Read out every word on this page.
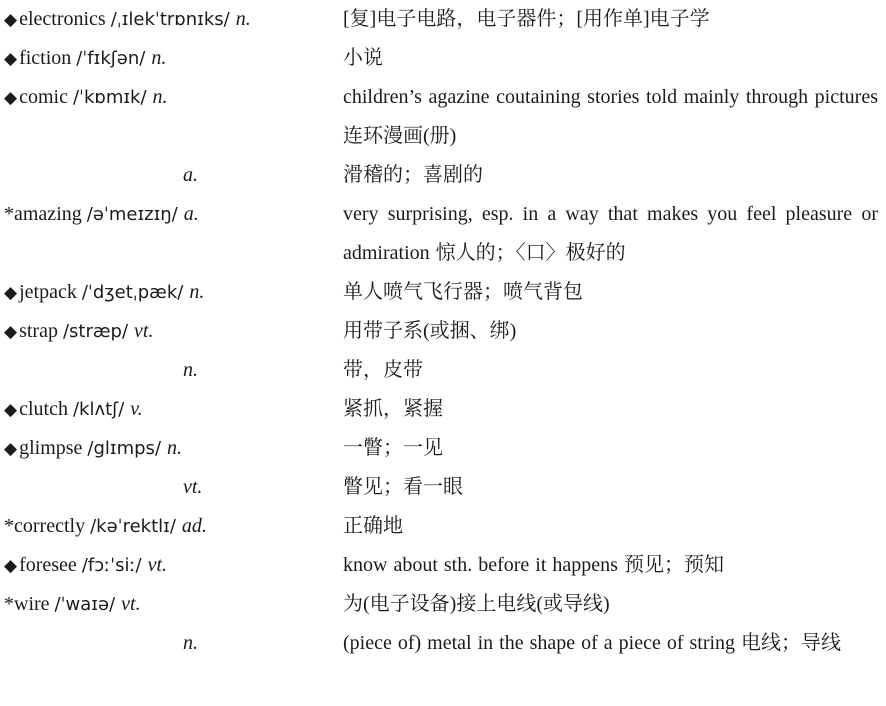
◆ electronics /ˌɪlekˈtrɒnɪks/ n.	[复]电子电路，电子器件；[用作单]电子学
◆ fiction /ˈfɪkʃən/ n.	小说
◆ comic /ˈkɒmɪk/ n.	children’s agazine coutaining stories told mainly through pictures 连环漫画(册)
a.	滑稽的；喜剧的
*amazing /əˈmeɪzɪŋ/ a.	very surprising, esp. in a way that makes you feel pleasure or admiration 惊人的；〈口〉极好的
◆ jetpack /ˈdʒetˌpæk/ n.	单人喷气飞行器；喷气背包
◆ strap /stræp/ vt.	用带子系(或捆、绑)
n.	带，皮带
◆ clutch /klʌtʃ/ v.	紧抓，紧握
◆ glimpse /glɪmps/ n.	一瞥；一见
vt.	瞥见；看一眼
*correctly /kəˈrektlɪ/ ad.	正确地
◆ foresee /fɔːˈsiː/ vt.	know about sth. before it happens 预见；预知
*wire /ˈwaɪə/ vt.	为(电子设备)接上电线(或导线)
n.	(piece of) metal in the shape of a piece of string 电线；导线
